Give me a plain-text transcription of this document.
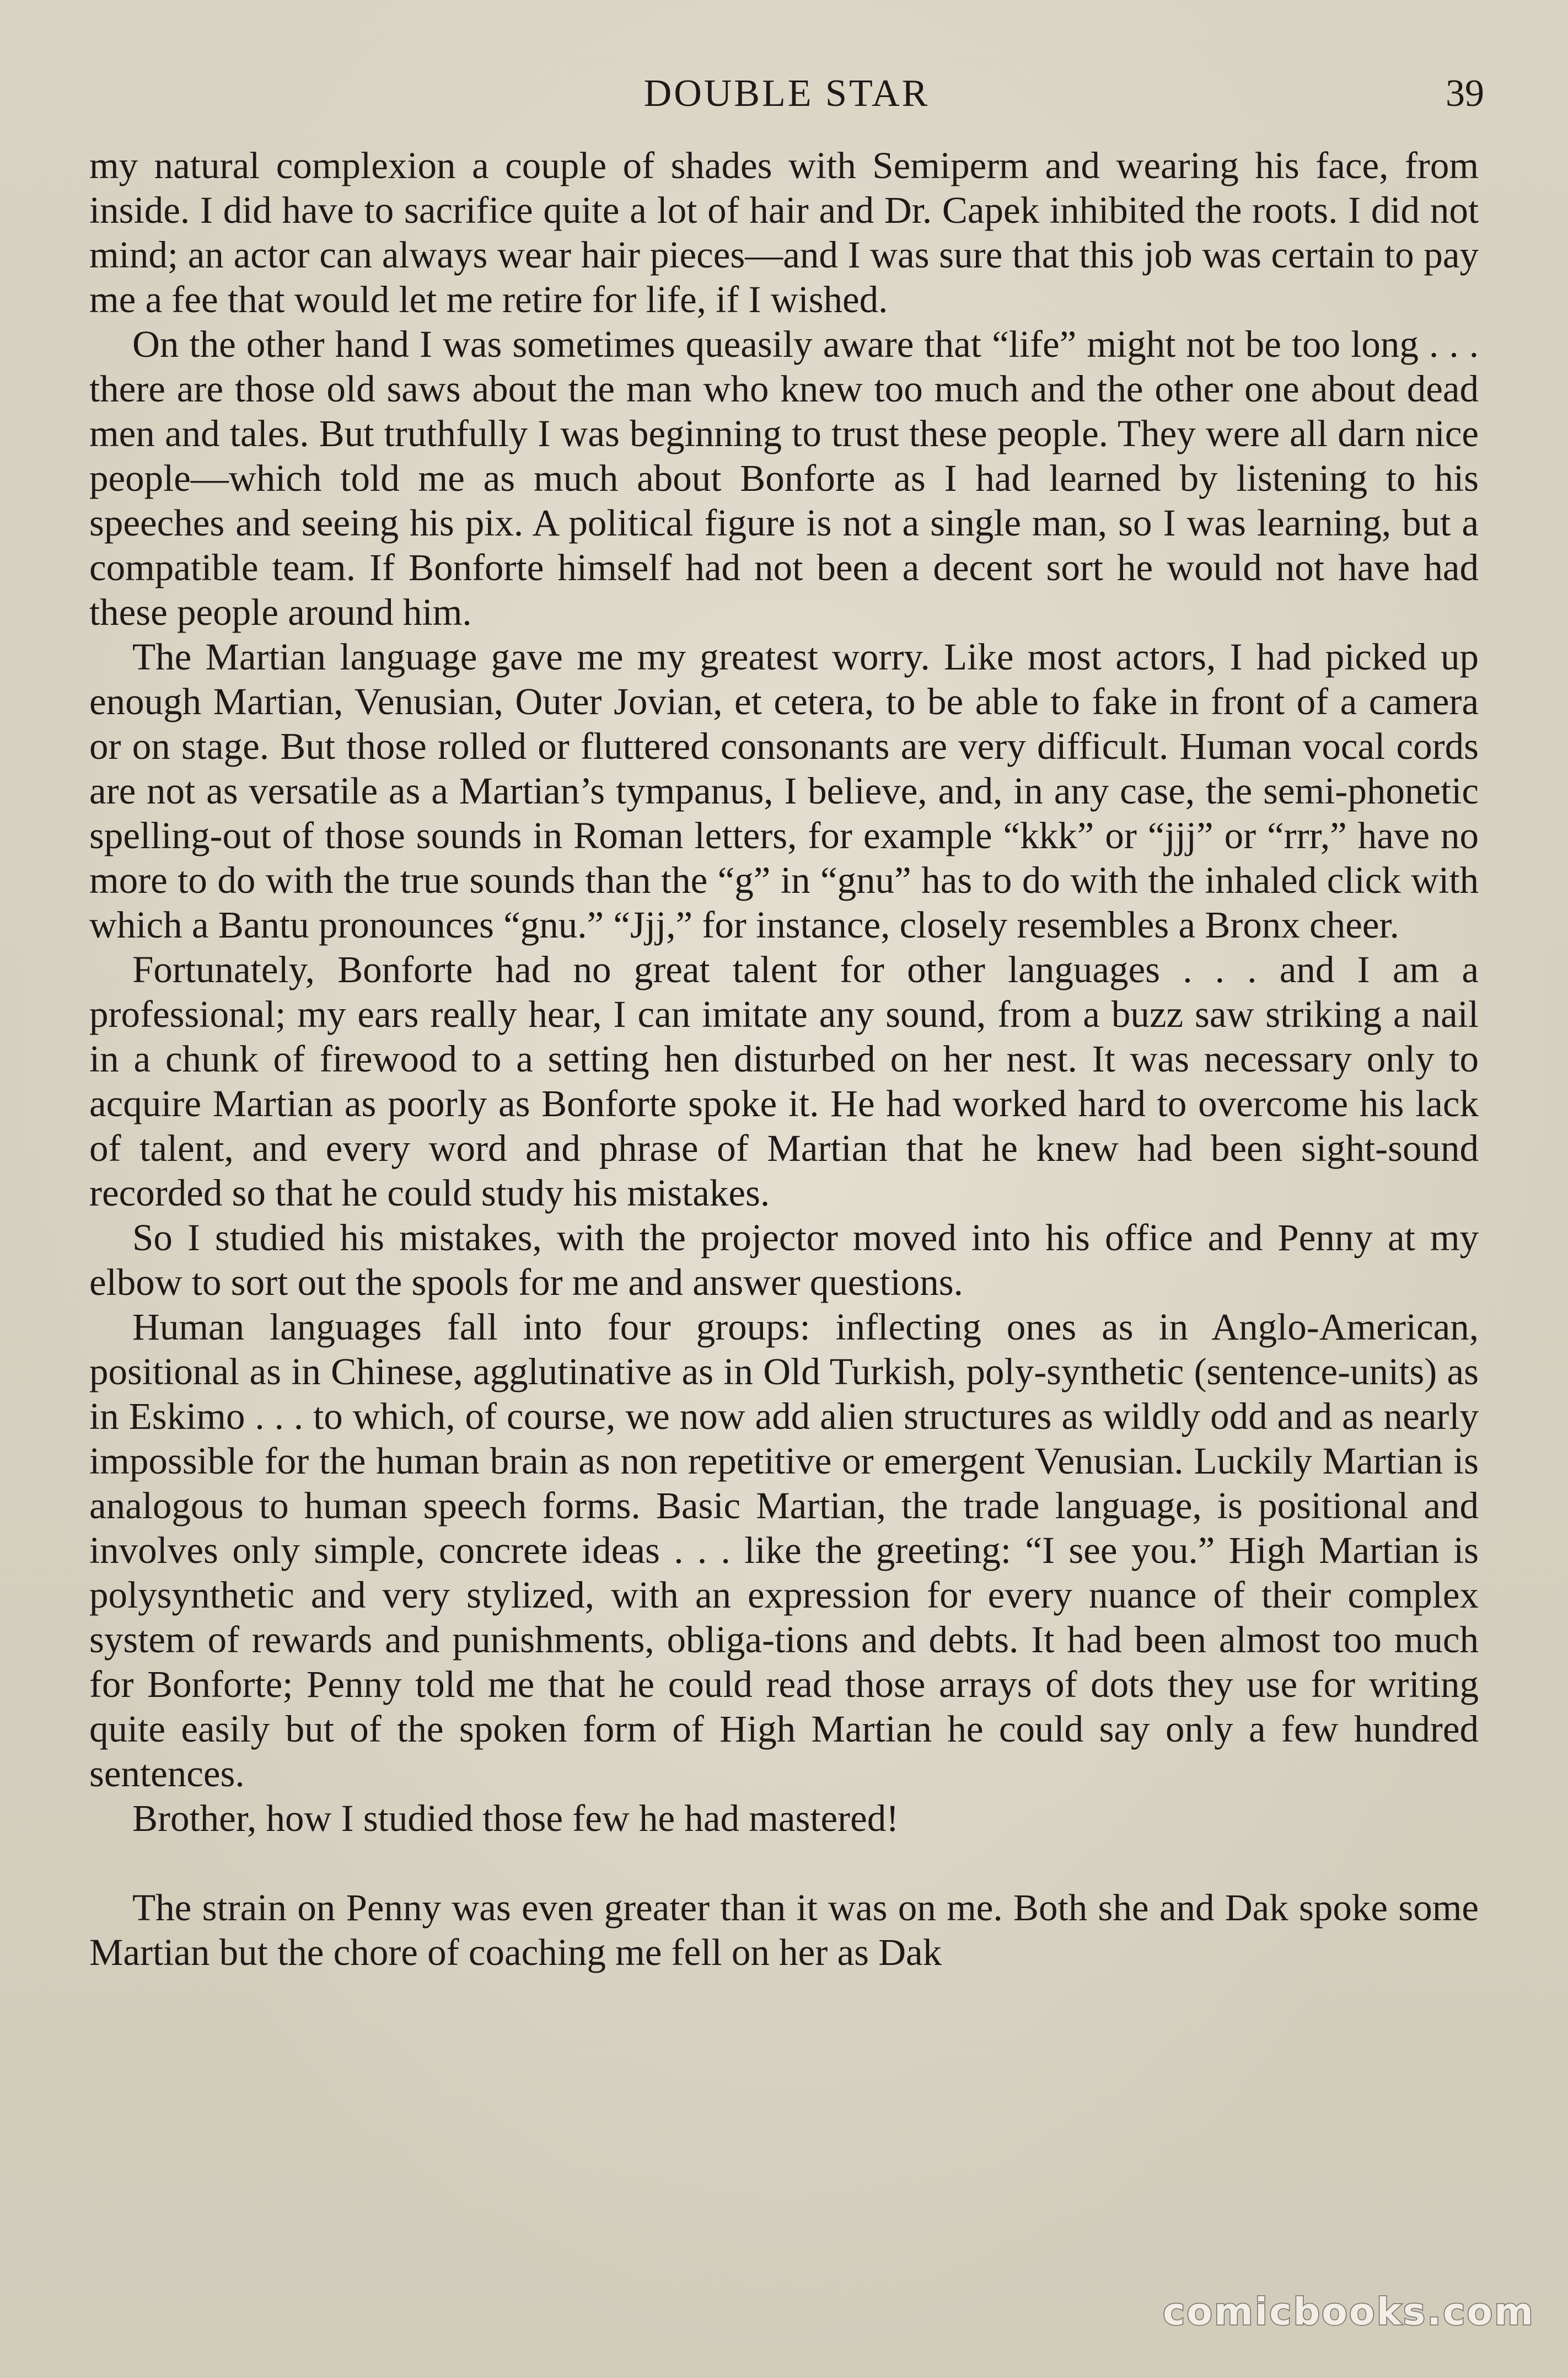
DOUBLE STAR	39

my natural complexion a couple of shades with Semiperm and wearing his face, from inside. I did have to sacrifice quite a lot of hair and Dr. Capek inhibited the roots. I did not mind; an actor can always wear hair pieces—and I was sure that this job was certain to pay me a fee that would let me retire for life, if I wished.

On the other hand I was sometimes queasily aware that “life” might not be too long . . . there are those old saws about the man who knew too much and the other one about dead men and tales. But truthfully I was beginning to trust these people. They were all darn nice people—which told me as much about Bonforte as I had learned by listening to his speeches and seeing his pix. A political figure is not a single man, so I was learning, but a compatible team. If Bonforte himself had not been a decent sort he would not have had these people around him.

The Martian language gave me my greatest worry. Like most actors, I had picked up enough Martian, Venusian, Outer Jovian, et cetera, to be able to fake in front of a camera or on stage. But those rolled or fluttered consonants are very difficult. Human vocal cords are not as versatile as a Martian’s tympanus, I believe, and, in any case, the semi-phonetic spelling-out of those sounds in Roman letters, for example “kkk” or “jjj” or “rrr,” have no more to do with the true sounds than the “g” in “gnu” has to do with the inhaled click with which a Bantu pronounces “gnu.” “Jjj,” for instance, closely resembles a Bronx cheer.

Fortunately, Bonforte had no great talent for other languages . . . and I am a professional; my ears really hear, I can imitate any sound, from a buzz saw striking a nail in a chunk of firewood to a setting hen disturbed on her nest. It was necessary only to acquire Martian as poorly as Bonforte spoke it. He had worked hard to overcome his lack of talent, and every word and phrase of Martian that he knew had been sight-sound recorded so that he could study his mistakes.

So I studied his mistakes, with the projector moved into his office and Penny at my elbow to sort out the spools for me and answer questions.

Human languages fall into four groups: inflecting ones as in Anglo-American, positional as in Chinese, agglutinative as in Old Turkish, poly-synthetic (sentence-units) as in Eskimo . . . to which, of course, we now add alien structures as wildly odd and as nearly impossible for the human brain as non repetitive or emergent Venusian. Luckily Martian is analogous to human speech forms. Basic Martian, the trade language, is positional and involves only simple, concrete ideas . . . like the greeting: “I see you.” High Martian is polysynthetic and very stylized, with an expression for every nuance of their complex system of rewards and punishments, obliga-tions and debts. It had been almost too much for Bonforte; Penny told me that he could read those arrays of dots they use for writing quite easily but of the spoken form of High Martian he could say only a few hundred sentences.

Brother, how I studied those few he had mastered!

The strain on Penny was even greater than it was on me. Both she and Dak spoke some Martian but the chore of coaching me fell on her as Dak

comicbooks.com
